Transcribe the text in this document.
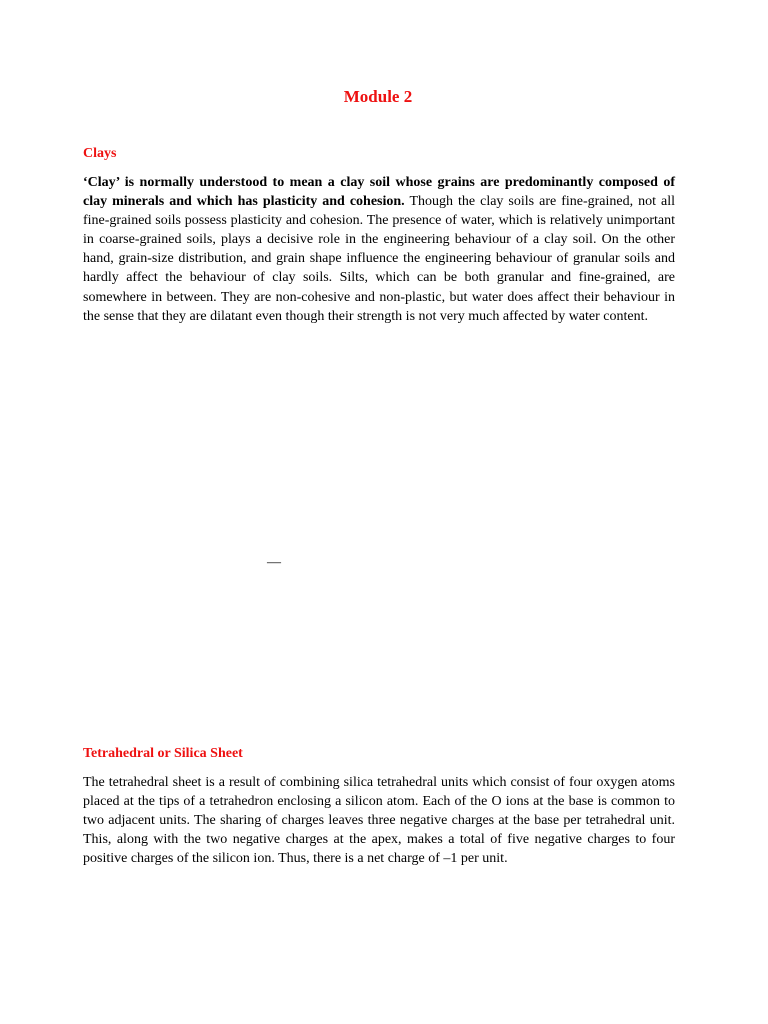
Module 2
Clays
‘Clay’ is normally understood to mean a clay soil whose grains are predominantly composed of clay minerals and which has plasticity and cohesion. Though the clay soils are fine-grained, not all fine-grained soils possess plasticity and cohesion. The presence of water, which is relatively unimportant in coarse-grained soils, plays a decisive role in the engineering behaviour of a clay soil. On the other hand, grain-size distribution, and grain shape influence the engineering behaviour of granular soils and hardly affect the behaviour of clay soils. Silts, which can be both granular and fine-grained, are somewhere in between. They are non-cohesive and non-plastic, but water does affect their behaviour in the sense that they are dilatant even though their strength is not very much affected by water content.
—
Tetrahedral or Silica Sheet
The tetrahedral sheet is a result of combining silica tetrahedral units which consist of four oxygen atoms placed at the tips of a tetrahedron enclosing a silicon atom. Each of the O ions at the base is common to two adjacent units. The sharing of charges leaves three negative charges at the base per tetrahedral unit. This, along with the two negative charges at the apex, makes a total of five negative charges to four positive charges of the silicon ion. Thus, there is a net charge of –1 per unit.
